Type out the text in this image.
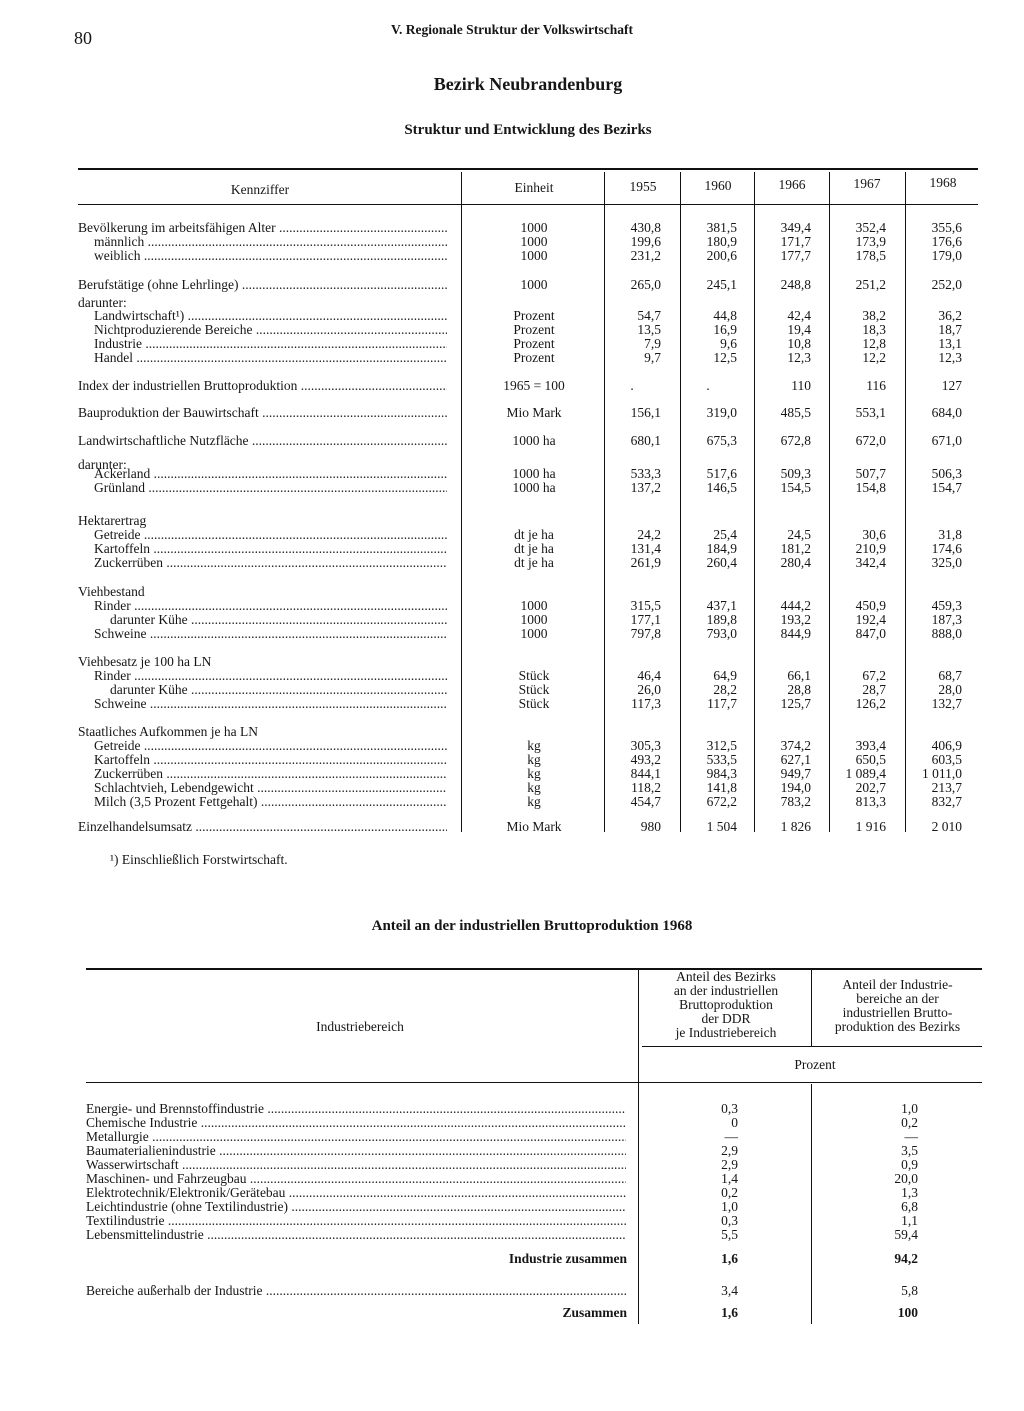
80	V. Regionale Struktur der Volkswirtschaft
Bezirk Neubrandenburg
Struktur und Entwicklung des Bezirks
Kennziffer	Einheit	1955	1960	1966	1967	1968
Bevölkerung im arbeitsfähigen Alter .....	1000	430,8	381,5	349,4	352,4	355,6
männlich .....	1000	199,6	180,9	171,7	173,9	176,6
weiblich .....	1000	231,2	200,6	177,7	178,5	179,0
Berufstätige (ohne Lehrlinge) .....	1000	265,0	245,1	248,8	251,2	252,0
darunter:
Landwirtschaft¹) .....	Prozent	54,7	44,8	42,4	38,2	36,2
Nichtproduzierende Bereiche .....	Prozent	13,5	16,9	19,4	18,3	18,7
Industrie .....	Prozent	7,9	9,6	10,8	12,8	13,1
Handel .....	Prozent	9,7	12,5	12,3	12,2	12,3
Index der industriellen Bruttoproduktion .....	1965 = 100	.	.	110	116	127
Bauproduktion der Bauwirtschaft .....	Mio Mark	156,1	319,0	485,5	553,1	684,0
Landwirtschaftliche Nutzfläche .....	1000 ha	680,1	675,3	672,8	672,0	671,0
darunter:
Ackerland .....	1000 ha	533,3	517,6	509,3	507,7	506,3
Grünland .....	1000 ha	137,2	146,5	154,5	154,8	154,7
Hektarertrag
Getreide .....	dt je ha	24,2	25,4	24,5	30,6	31,8
Kartoffeln .....	dt je ha	131,4	184,9	181,2	210,9	174,6
Zuckerrüben .....	dt je ha	261,9	260,4	280,4	342,4	325,0
Viehbestand
Rinder .....	1000	315,5	437,1	444,2	450,9	459,3
darunter Kühe .....	1000	177,1	189,8	193,2	192,4	187,3
Schweine .....	1000	797,8	793,0	844,9	847,0	888,0
Viehbesatz je 100 ha LN
Rinder .....	Stück	46,4	64,9	66,1	67,2	68,7
darunter Kühe .....	Stück	26,0	28,2	28,8	28,7	28,0
Schweine .....	Stück	117,3	117,7	125,7	126,2	132,7
Staatliches Aufkommen je ha LN
Getreide .....	kg	305,3	312,5	374,2	393,4	406,9
Kartoffeln .....	kg	493,2	533,5	627,1	650,5	603,5
Zuckerrüben .....	kg	844,1	984,3	949,7	1 089,4	1 011,0
Schlachtvieh, Lebendgewicht .....	kg	118,2	141,8	194,0	202,7	213,7
Milch (3,5 Prozent Fettgehalt) .....	kg	454,7	672,2	783,2	813,3	832,7
Einzelhandelsumsatz .....	Mio Mark	980	1 504	1 826	1 916	2 010
¹) Einschließlich Forstwirtschaft.
Anteil an der industriellen Bruttoproduktion 1968
Industriebereich
Anteil des Bezirks
an der industriellen
Bruttoproduktion
der DDR
je Industriebereich
Anteil der Industrie-
bereiche an der
industriellen Brutto-
produktion des Bezirks
Prozent
Energie- und Brennstoffindustrie .....	0,3	1,0
Chemische Industrie .....	0	0,2
Metallurgie .....	—	—
Baumaterialienindustrie .....	2,9	3,5
Wasserwirtschaft .....	2,9	0,9
Maschinen- und Fahrzeugbau .....	1,4	20,0
Elektrotechnik/Elektronik/Gerätebau .....	0,2	1,3
Leichtindustrie (ohne Textilindustrie) .....	1,0	6,8
Textilindustrie .....	0,3	1,1
Lebensmittelindustrie .....	5,5	59,4
Industrie zusammen	1,6	94,2
Bereiche außerhalb der Industrie .....	3,4	5,8
Zusammen	1,6	100
